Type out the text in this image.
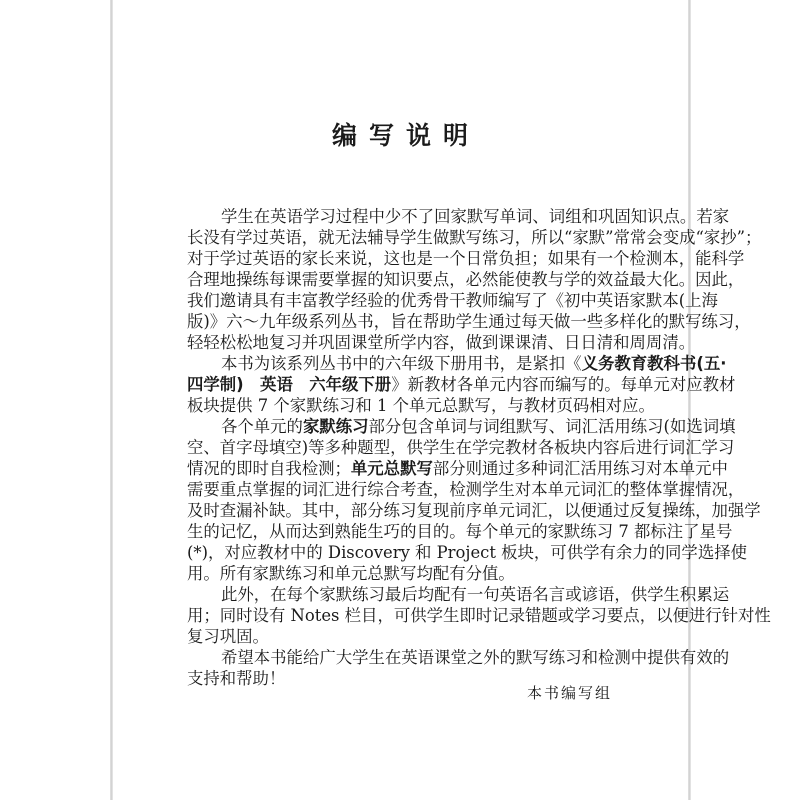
编写说明
学生在英语学习过程中少不了回家默写单词、词组和巩固知识点。若家
长没有学过英语，就无法辅导学生做默写练习，所以“家默”常常会变成“家抄”；
对于学过英语的家长来说，这也是一个日常负担；如果有一个检测本，能科学
合理地操练每课需要掌握的知识要点，必然能使教与学的效益最大化。因此，
我们邀请具有丰富教学经验的优秀骨干教师编写了《初中英语家默本(上海
版)》六～九年级系列丛书，旨在帮助学生通过每天做一些多样化的默写练习，
轻轻松松地复习并巩固课堂所学内容，做到课课清、日日清和周周清。
本书为该系列丛书中的六年级下册用书，是紧扣《义务教育教科书(五·
四学制)　英语　六年级下册》新教材各单元内容而编写的。每单元对应教材
板块提供 7 个家默练习和 1 个单元总默写，与教材页码相对应。
各个单元的家默练习部分包含单词与词组默写、词汇活用练习(如选词填
空、首字母填空)等多种题型，供学生在学完教材各板块内容后进行词汇学习
情况的即时自我检测；单元总默写部分则通过多种词汇活用练习对本单元中
需要重点掌握的词汇进行综合考查，检测学生对本单元词汇的整体掌握情况，
及时查漏补缺。其中，部分练习复现前序单元词汇，以便通过反复操练，加强学
生的记忆，从而达到熟能生巧的目的。每个单元的家默练习 7 都标注了星号
(*)，对应教材中的 Discovery 和 Project 板块，可供学有余力的同学选择使
用。所有家默练习和单元总默写均配有分值。
此外，在每个家默练习最后均配有一句英语名言或谚语，供学生积累运
用；同时设有 Notes 栏目，可供学生即时记录错题或学习要点，以便进行针对性
复习巩固。
希望本书能给广大学生在英语课堂之外的默写练习和检测中提供有效的
支持和帮助！
本书编写组
